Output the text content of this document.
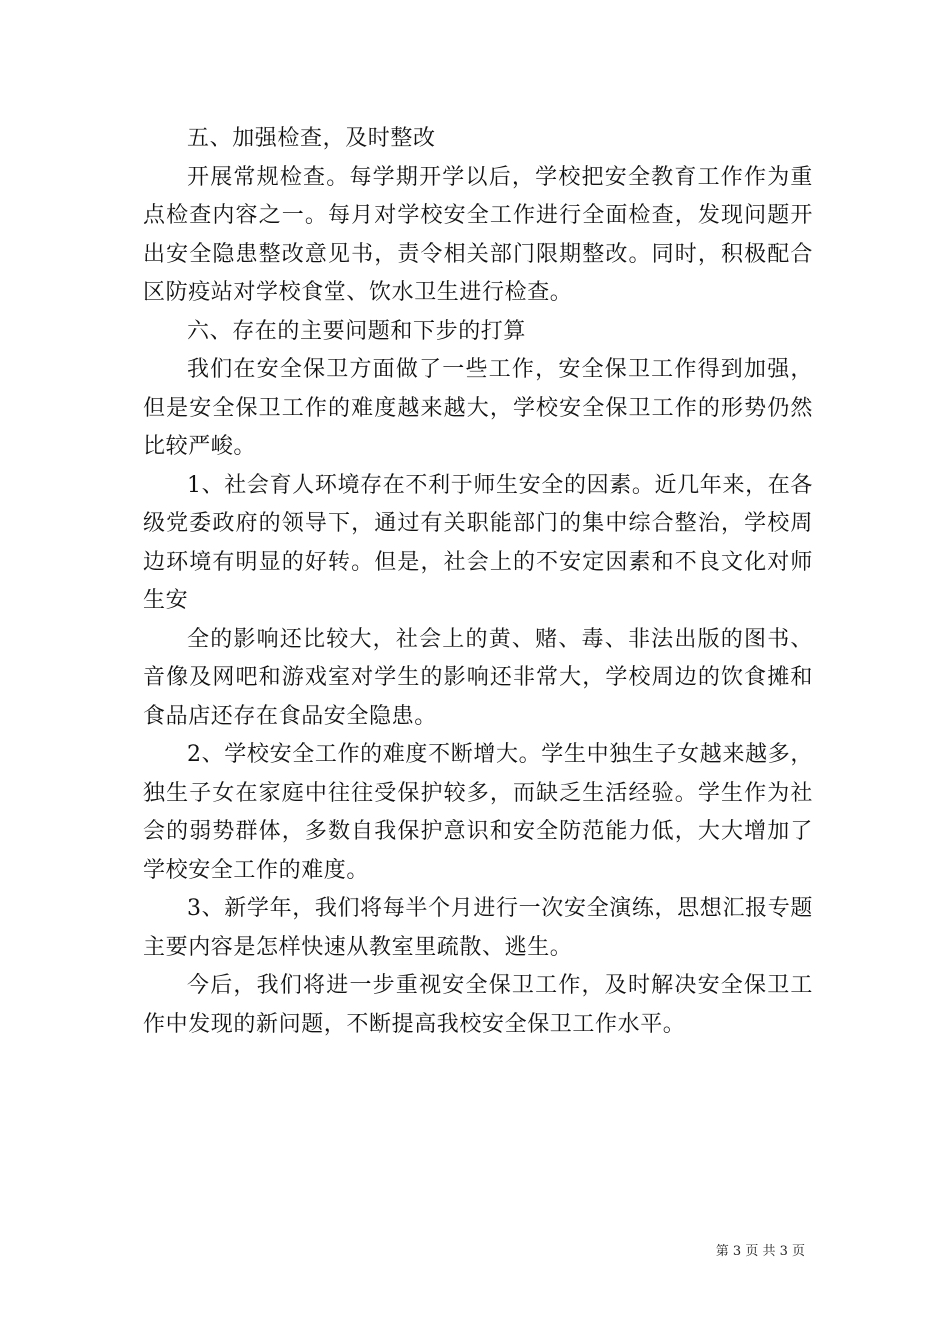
五、加强检查，及时整改

开展常规检查。每学期开学以后，学校把安全教育工作作为重点检查内容之一。每月对学校安全工作进行全面检查，发现问题开出安全隐患整改意见书，责令相关部门限期整改。同时，积极配合区防疫站对学校食堂、饮水卫生进行检查。

六、存在的主要问题和下步的打算

我们在安全保卫方面做了一些工作，安全保卫工作得到加强，但是安全保卫工作的难度越来越大，学校安全保卫工作的形势仍然比较严峻。

1、社会育人环境存在不利于师生安全的因素。近几年来，在各级党委政府的领导下，通过有关职能部门的集中综合整治，学校周边环境有明显的好转。但是，社会上的不安定因素和不良文化对师生安

全的影响还比较大，社会上的黄、赌、毒、非法出版的图书、音像及网吧和游戏室对学生的影响还非常大，学校周边的饮食摊和食品店还存在食品安全隐患。

2、学校安全工作的难度不断增大。学生中独生子女越来越多，独生子女在家庭中往往受保护较多，而缺乏生活经验。学生作为社会的弱势群体，多数自我保护意识和安全防范能力低，大大增加了学校安全工作的难度。

3、新学年，我们将每半个月进行一次安全演练，思想汇报专题主要内容是怎样快速从教室里疏散、逃生。

今后，我们将进一步重视安全保卫工作，及时解决安全保卫工作中发现的新问题，不断提高我校安全保卫工作水平。

第 3 页 共 3 页
